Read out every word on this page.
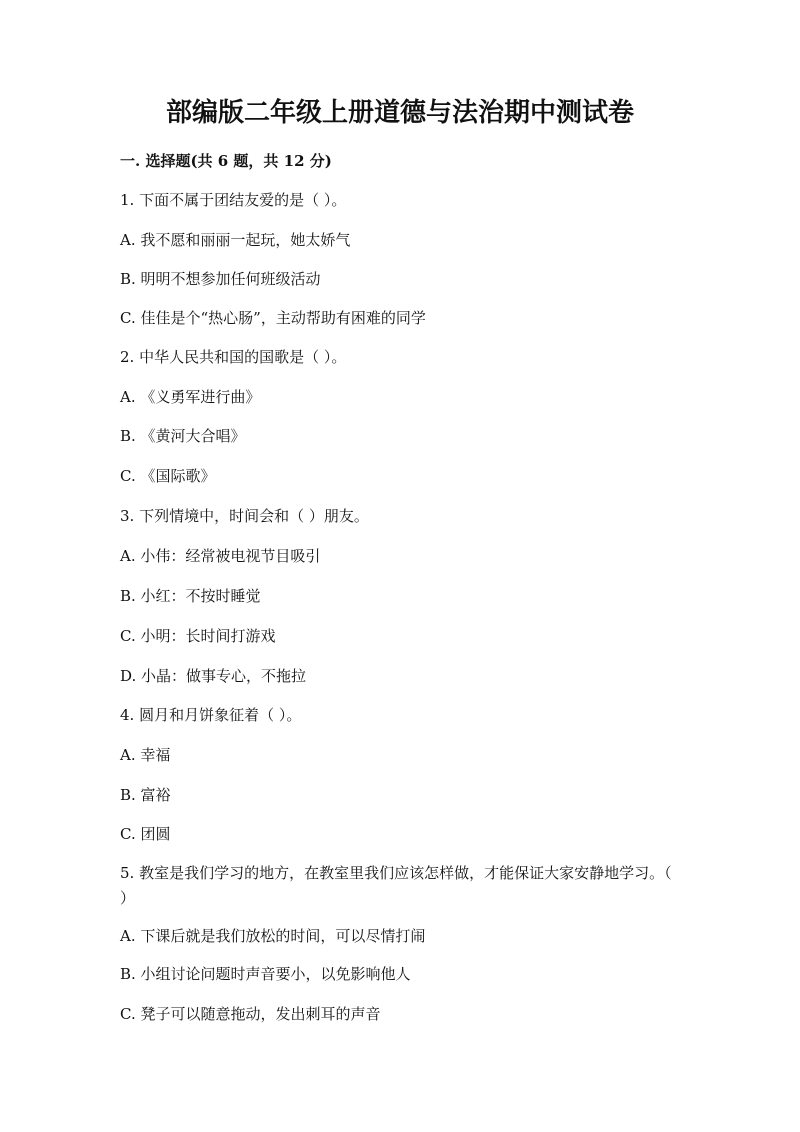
部编版二年级上册道德与法治期中测试卷
一. 选择题(共 6 题，共 12 分)
1. 下面不属于团结友爱的是（ ）。
A. 我不愿和丽丽一起玩，她太娇气
B. 明明不想参加任何班级活动
C. 佳佳是个“热心肠”，主动帮助有困难的同学
2. 中华人民共和国的国歌是（ ）。
A. 《义勇军进行曲》
B. 《黄河大合唱》
C. 《国际歌》
3. 下列情境中，时间会和（ ）朋友。
A. 小伟：经常被电视节目吸引
B. 小红：不按时睡觉
C. 小明：长时间打游戏
D. 小晶：做事专心，不拖拉
4. 圆月和月饼象征着（ ）。
A. 幸福
B. 富裕
C. 团圆
5. 教室是我们学习的地方，在教室里我们应该怎样做，才能保证大家安静地学习。（ ）
A. 下课后就是我们放松的时间，可以尽情打闹
B. 小组讨论问题时声音要小，以免影响他人
C. 凳子可以随意拖动，发出刺耳的声音
